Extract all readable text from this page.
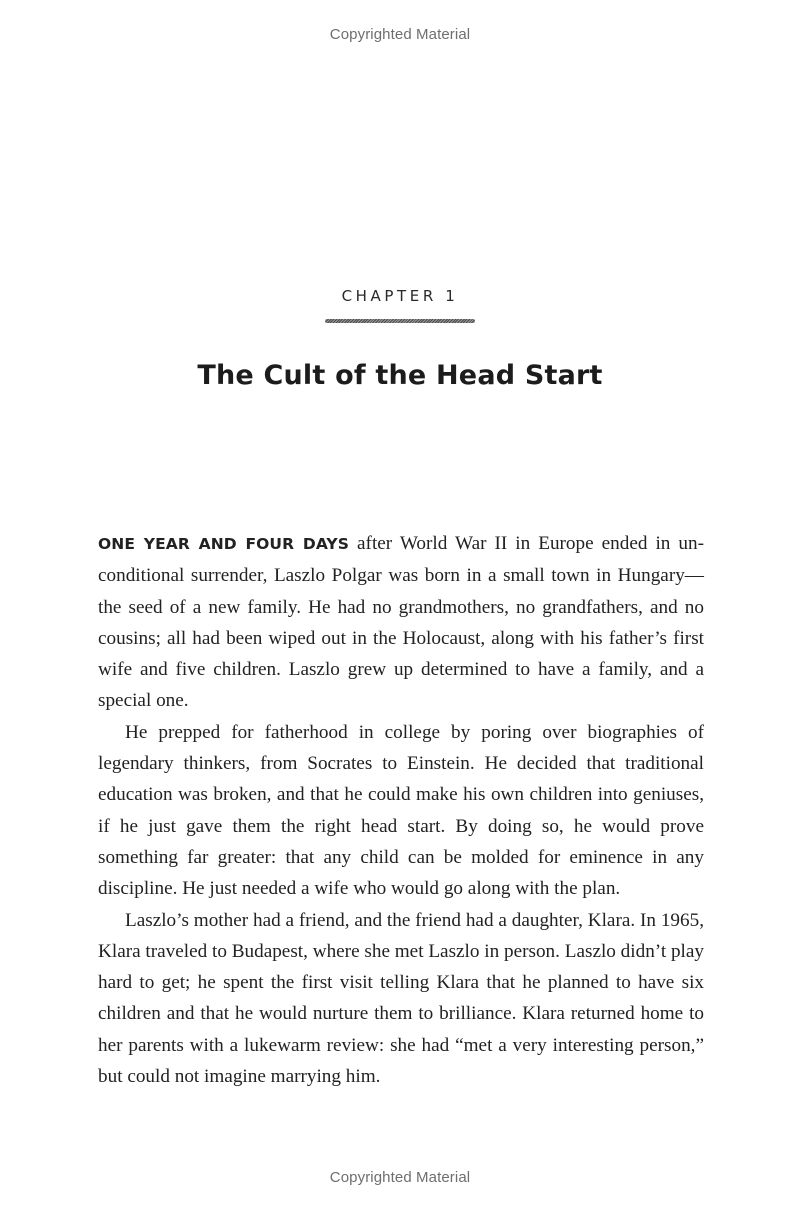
Copyrighted Material
CHAPTER 1
The Cult of the Head Start

ONE YEAR AND FOUR DAYS after World War II in Europe ended in unconditional surrender, Laszlo Polgar was born in a small town in Hungary—the seed of a new family. He had no grandmothers, no grandfathers, and no cousins; all had been wiped out in the Holocaust, along with his father’s first wife and five children. Laszlo grew up determined to have a family, and a special one.

He prepped for fatherhood in college by poring over biographies of legendary thinkers, from Socrates to Einstein. He decided that traditional education was broken, and that he could make his own children into geniuses, if he just gave them the right head start. By doing so, he would prove something far greater: that any child can be molded for eminence in any discipline. He just needed a wife who would go along with the plan.

Laszlo’s mother had a friend, and the friend had a daughter, Klara. In 1965, Klara traveled to Budapest, where she met Laszlo in person. Laszlo didn’t play hard to get; he spent the first visit telling Klara that he planned to have six children and that he would nurture them to brilliance. Klara returned home to her parents with a lukewarm review: she had “met a very interesting person,” but could not imagine marrying him.

Copyrighted Material
